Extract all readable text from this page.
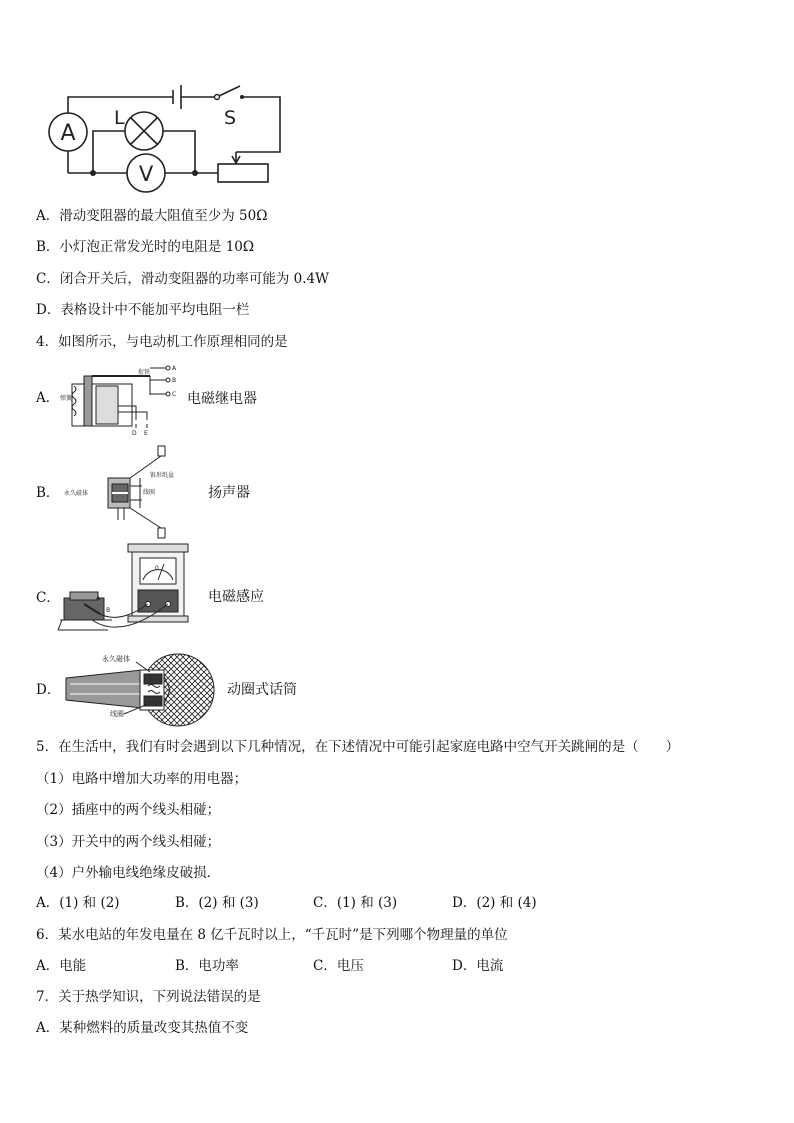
A
L
V
S
A．滑动变阻器的最大阻值至少为 50Ω
B．小灯泡正常发光时的电阻是 10Ω
C．闭合开关后，滑动变阻器的功率可能为 0.4W
D．表格设计中不能加平均电阻一栏
4．如图所示，与电动机工作原理相同的是
A．
衔铁
弹簧
A
B
C
D E
电磁继电器
B．
锥形纸盆
永久磁体	线圈	扬声器
C．
0
A
B
电磁感应
D．
永久磁体
线圈
动圈式话筒
5．在生活中，我们有时会遇到以下几种情况，在下述情况中可能引起家庭电路中空气开关跳闸的是（　　）
（1）电路中增加大功率的用电器；
（2）插座中的两个线头相碰；
（3）开关中的两个线头相碰；
（4）户外输电线绝缘皮破损．
A．(1) 和 (2)	B．(2) 和 (3)	C．(1) 和 (3)	D．(2) 和 (4)
6．某水电站的年发电量在 8 亿千瓦时以上，“千瓦时”是下列哪个物理量的单位
A．电能	B．电功率	C．电压	D．电流
7．关于热学知识，下列说法错误的是
A．某种燃料的质量改变其热值不变
